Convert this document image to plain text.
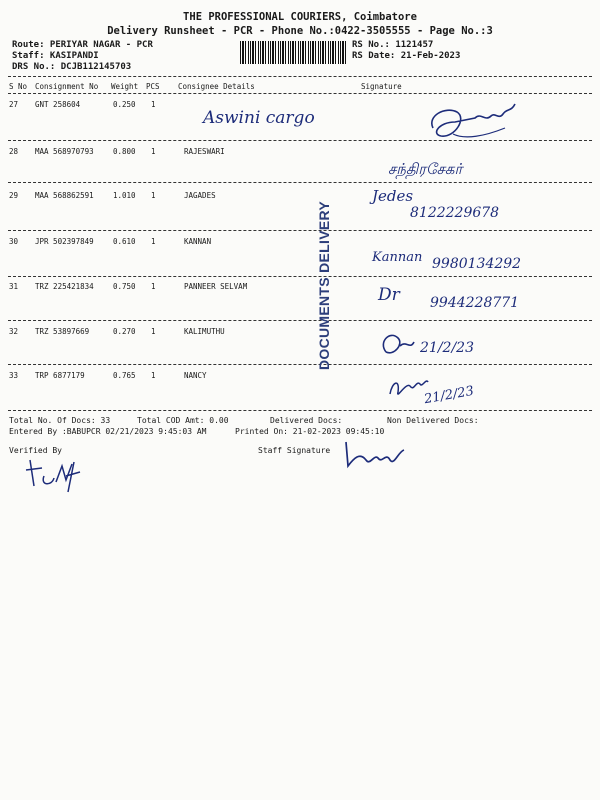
THE PROFESSIONAL COURIERS, Coimbatore
Delivery Runsheet - PCR - Phone No.:0422-3505555 - Page No.:3
Route: PERIYAR NAGAR - PCR
Staff: KASIPANDI
DRS No.: DCJB112145703
RS No.: 1121457
RS Date: 21-Feb-2023
S No Consignment No Weight PCS Consignee Details	Signature
27 GNT 258604	0.250 1
Aswini cargo
28 MAA 568970793	0.800 1	RAJESWARI
சந்திரசேகர்
29 MAA 568862591	1.010 1	JAGADES	Jedes
8122229678
30 JPR 502397849	0.610 1	KANNAN
Kannan 9980134292
31 TRZ 225421834	0.750 1	PANNEER SELVAM	Dr 9944228771
32 TRZ 53897669	0.270 1	KALIMUTHU
21/2/23
33 TRP 6877179	0.765 1	NANCY
21/2/23
DOCUMENTS DELIVERY
Total No. Of Docs: 33	Total COD Amt: 0.00	Delivered Docs:	Non Delivered Docs:
Entered By :BABUPCR 02/21/2023 9:45:03 AM	Printed On: 21-02-2023 09:45:10
Verified By	Staff Signature
